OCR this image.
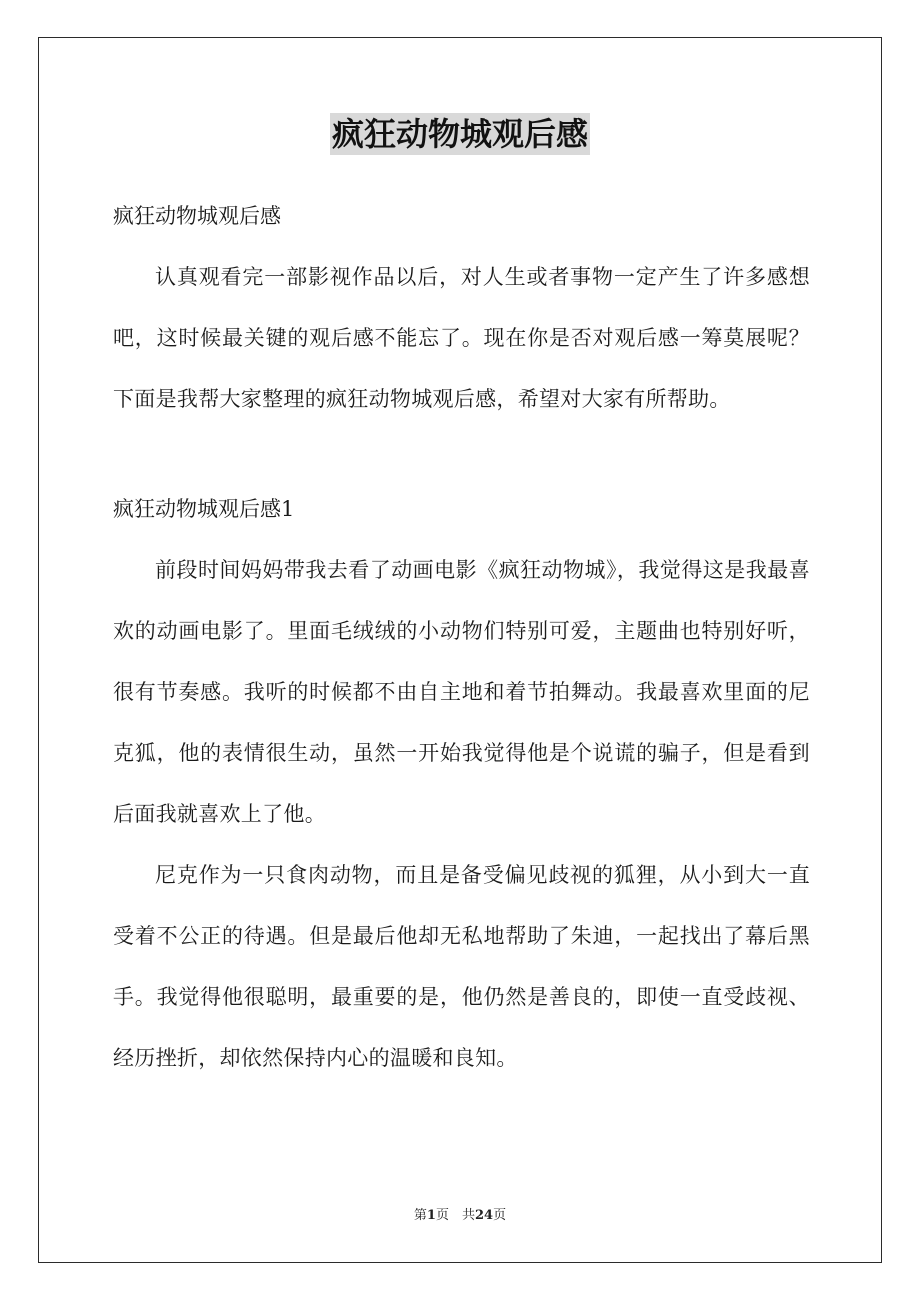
疯狂动物城观后感

疯狂动物城观后感

认真观看完一部影视作品以后，对人生或者事物一定产生了许多感想吧，这时候最关键的观后感不能忘了。现在你是否对观后感一筹莫展呢？下面是我帮大家整理的疯狂动物城观后感，希望对大家有所帮助。

疯狂动物城观后感1

前段时间妈妈带我去看了动画电影《疯狂动物城》，我觉得这是我最喜欢的动画电影了。里面毛绒绒的小动物们特别可爱，主题曲也特别好听，很有节奏感。我听的时候都不由自主地和着节拍舞动。我最喜欢里面的尼克狐，他的表情很生动，虽然一开始我觉得他是个说谎的骗子，但是看到后面我就喜欢上了他。

尼克作为一只食肉动物，而且是备受偏见歧视的狐狸，从小到大一直受着不公正的待遇。但是最后他却无私地帮助了朱迪，一起找出了幕后黑手。我觉得他很聪明，最重要的是，他仍然是善良的，即使一直受歧视、经历挫折，却依然保持内心的温暖和良知。

第1页　共24页
